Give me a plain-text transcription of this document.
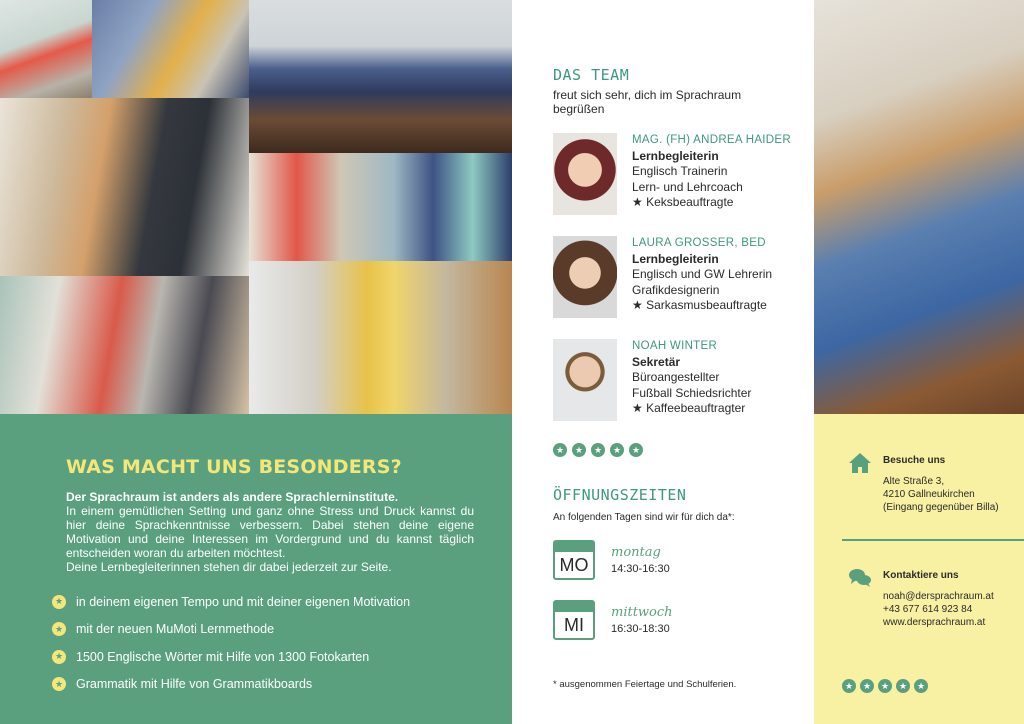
WAS MACHT UNS BESONDERS?

Der Sprachraum ist anders als andere Sprachlerninstitute.

In einem gemütlichen Setting und ganz ohne Stress und Druck kannst du hier deine Sprachkenntnisse verbessern. Dabei stehen deine eigene Motivation und deine Interessen im Vordergrund und du kannst täglich entscheiden woran du arbeiten möchtest.

Deine Lernbegleiterinnen stehen dir dabei jederzeit zur Seite.

★ in deinem eigenen Tempo und mit deiner eigenen Motivation
★ mit der neuen MuMoti Lernmethode
★ 1500 Englische Wörter mit Hilfe von 1300 Fotokarten
★ Grammatik mit Hilfe von Grammatikboards
DAS TEAM
freut sich sehr, dich im Sprachraum begrüßen
MAG. (FH) ANDREA HAIDER
Lernbegleiterin
Englisch Trainerin
Lern- und Lehrcoach
★ Keksbeauftragte
LAURA GROSSER, BED
Lernbegleiterin
Englisch und GW Lehrerin
Grafikdesignerin
★ Sarkasmusbeauftragte
NOAH WINTER
Sekretär
Büroangestellter
Fußball Schiedsrichter
★ Kaffeebeauftragter
★ ★ ★ ★ ★
ÖFFNUNGSZEITEN
An folgenden Tagen sind wir für dich da*:
MO
montag
14:30-16:30
MI
mittwoch
16:30-18:30
* ausgenommen Feiertage und Schulferien.
Besuche uns
Alte Straße 3,
4210 Gallneukirchen
(Eingang gegenüber Billa)
Kontaktiere uns
noah@dersprachraum.at
+43 677 614 923 84
www.dersprachraum.at
★ ★ ★ ★ ★
